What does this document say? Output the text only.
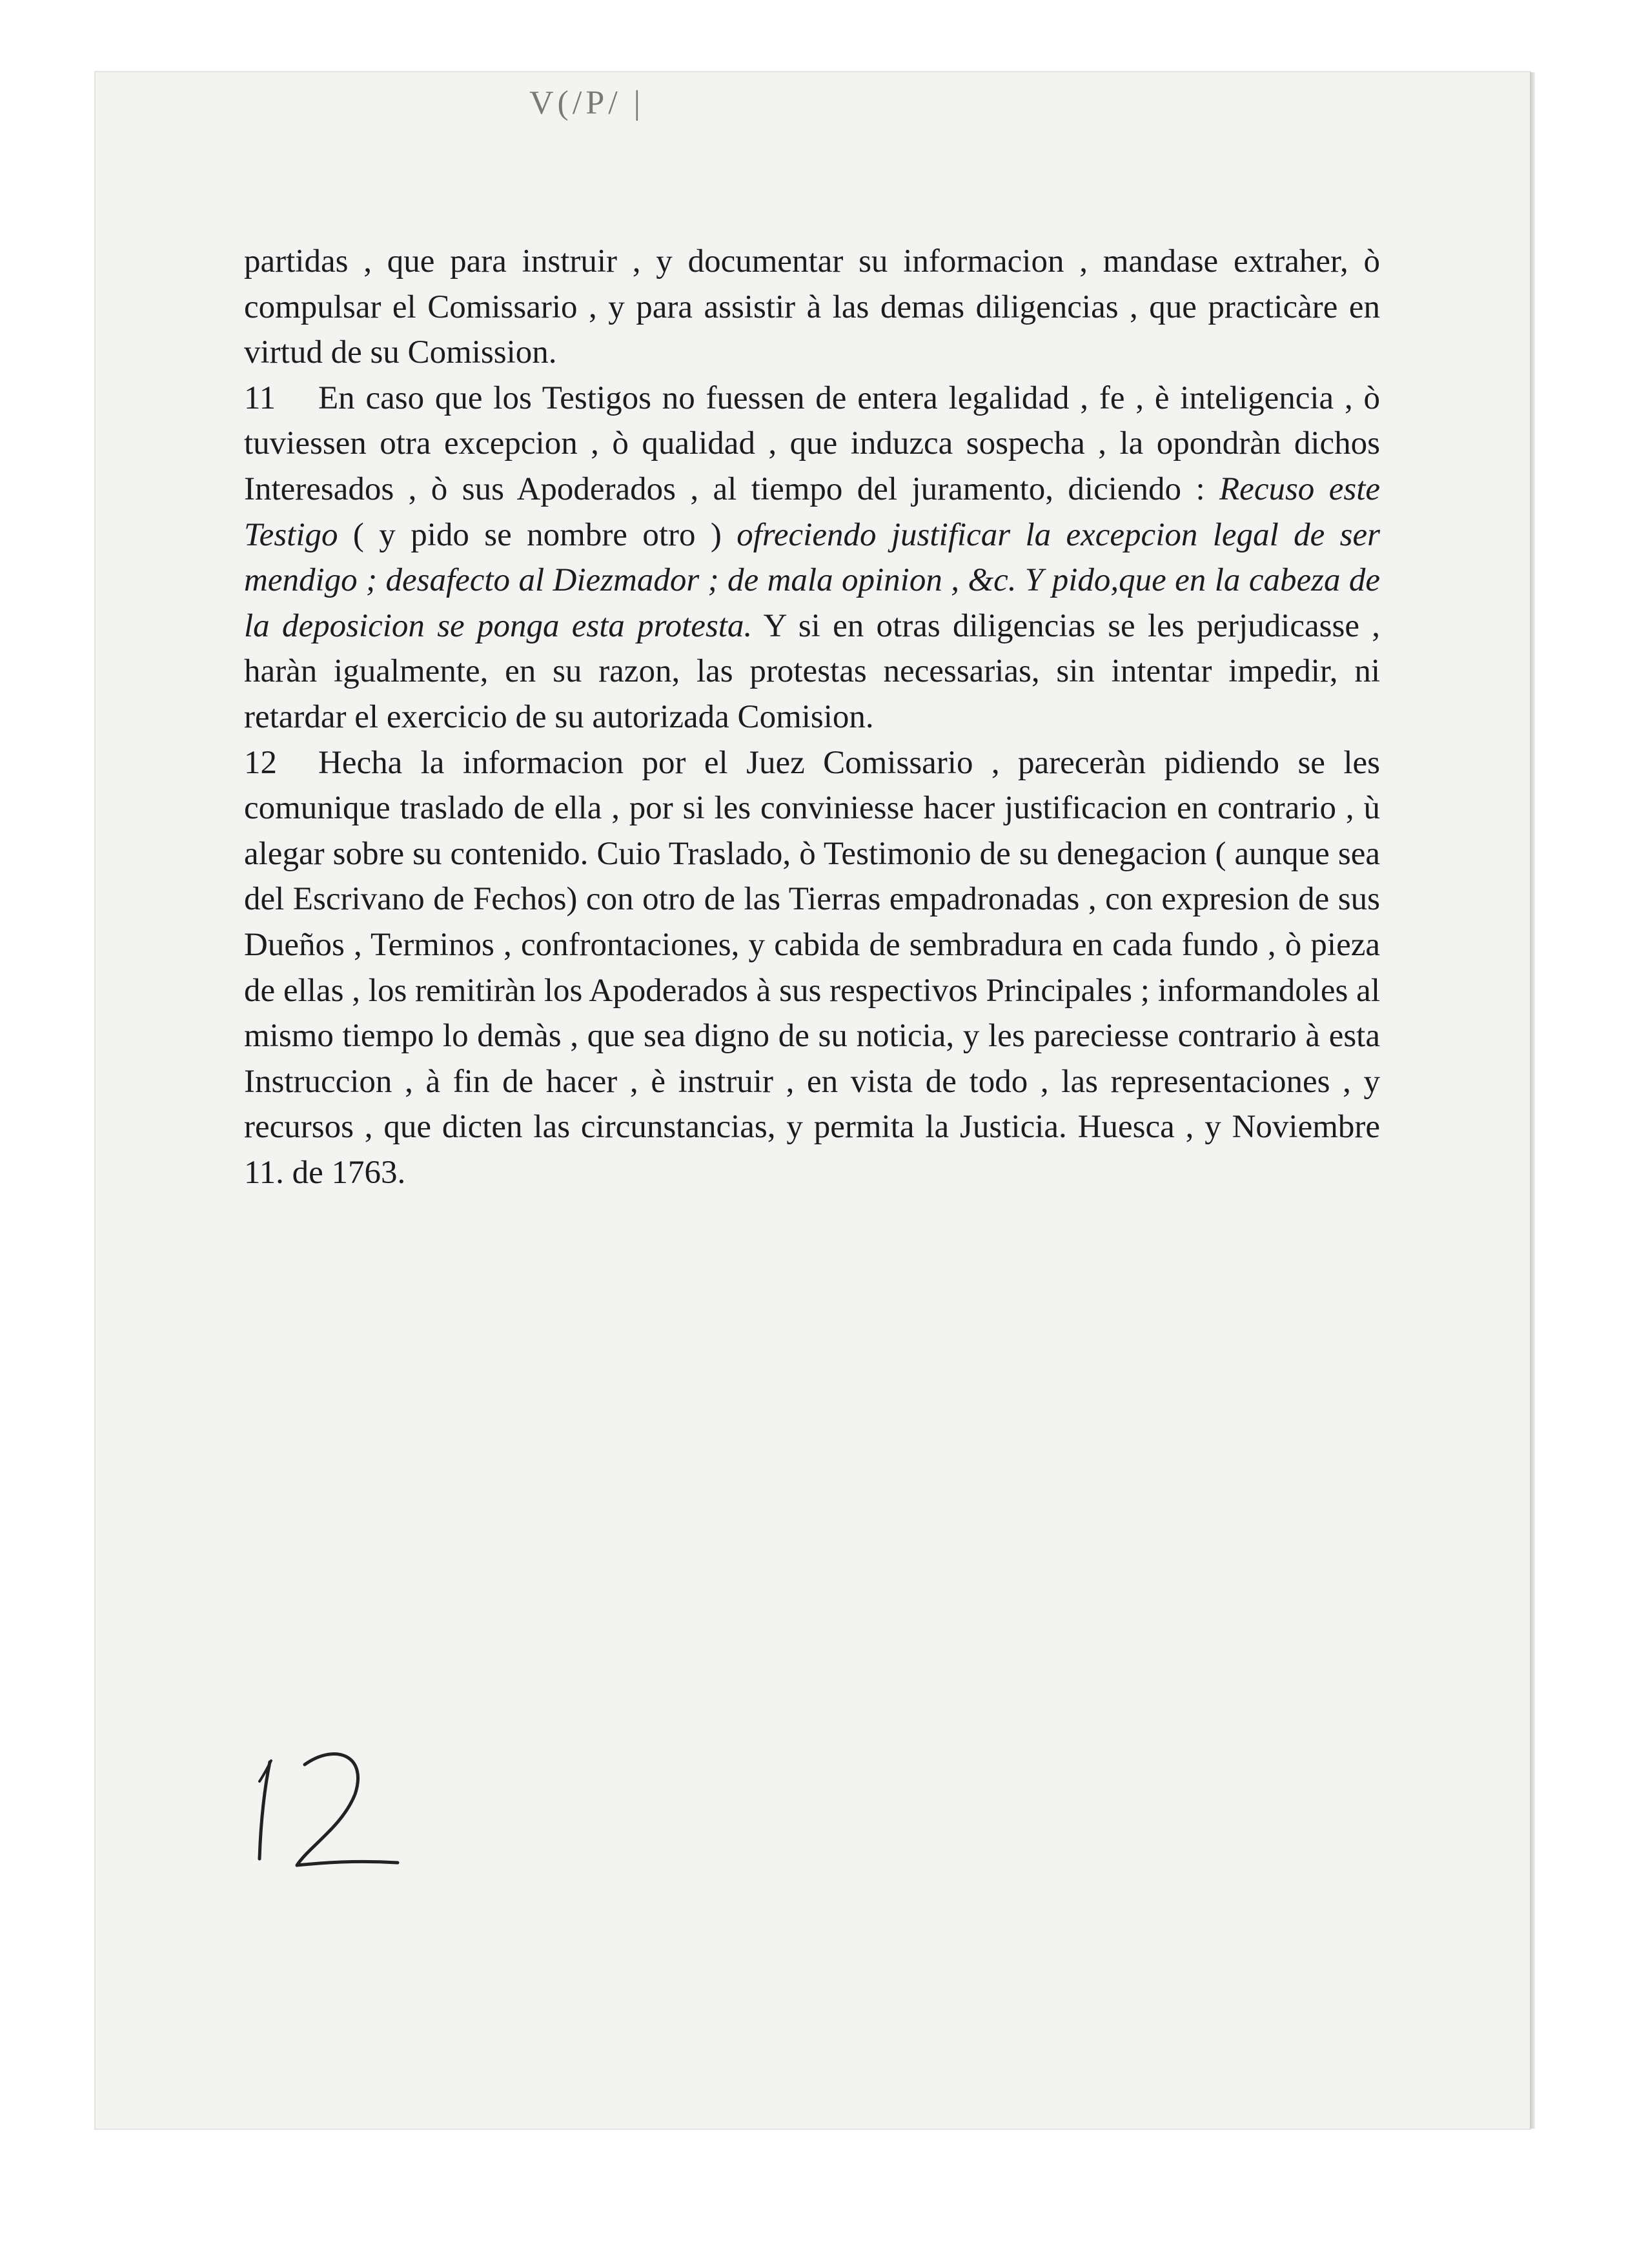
V(/P/ |

partidas , que para instruir , y documentar su informacion , mandase extraher, ò compulsar el Comissario , y para assistir à las demas diligencias , que practicàre en virtud de su Comission.

11 En caso que los Testigos no fuessen de entera legalidad , fe , è inteligencia , ò tuviessen otra excepcion , ò qualidad , que induzca sospecha , la opondràn dichos Interesados , ò sus Apoderados , al tiempo del juramento, diciendo : Recuso este Testigo ( y pido se nombre otro ) ofreciendo justificar la excepcion legal de ser mendigo ; desafecto al Diezmador ; de mala opinion , &c. Y pido,que en la cabeza de la deposicion se ponga esta protesta. Y si en otras diligencias se les perjudicasse , haràn igualmente, en su razon, las protestas necessarias, sin intentar impedir, ni retardar el exercicio de su autorizada Comision.

12 Hecha la informacion por el Juez Comissario , pareceràn pidiendo se les comunique traslado de ella , por si les conviniesse hacer justificacion en contrario , ù alegar sobre su contenido. Cuio Traslado, ò Testimonio de su denegacion ( aunque sea del Escrivano de Fechos) con otro de las Tierras empadronadas , con expresion de sus Dueños , Terminos , confrontaciones, y cabida de sembradura en cada fundo , ò pieza de ellas , los remitiràn los Apoderados à sus respectivos Principales ; informandoles al mismo tiempo lo demàs , que sea digno de su noticia, y les pareciesse contrario à esta Instruccion , à fin de hacer , è instruir , en vista de todo , las representaciones , y recursos , que dicten las circunstancias, y permita la Justicia. Huesca , y Noviembre 11. de 1763.

12
